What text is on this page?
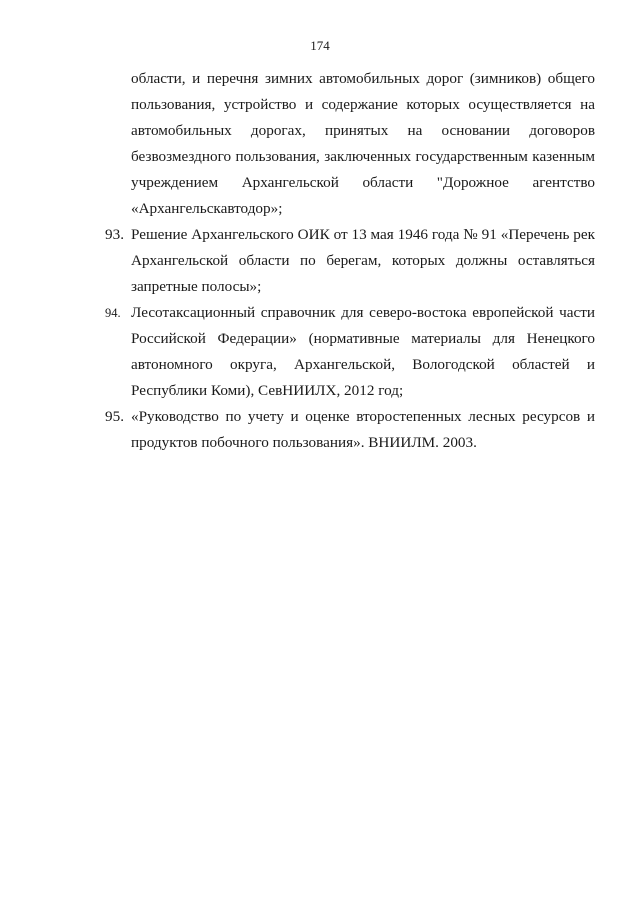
174
области, и перечня зимних автомобильных дорог (зимников) общего пользования, устройство и содержание которых осуществляется на автомобильных дорогах, принятых на основании договоров безвозмездного пользования, заключенных государственным казенным учреждением Архангельской области "Дорожное агентство «Архангельскавтодор»;
93. Решение Архангельского ОИК от 13 мая 1946 года № 91 «Перечень рек Архангельской области по берегам, которых должны оставляться запретные полосы»;
94. Лесотаксационный справочник для северо-востока европейской части Российской Федерации» (нормативные материалы для Ненецкого автономного округа, Архангельской, Вологодской областей и Республики Коми), СевНИИЛХ, 2012 год;
95. «Руководство по учету и оценке второстепенных лесных ресурсов и продуктов побочного пользования». ВНИИЛМ. 2003.
